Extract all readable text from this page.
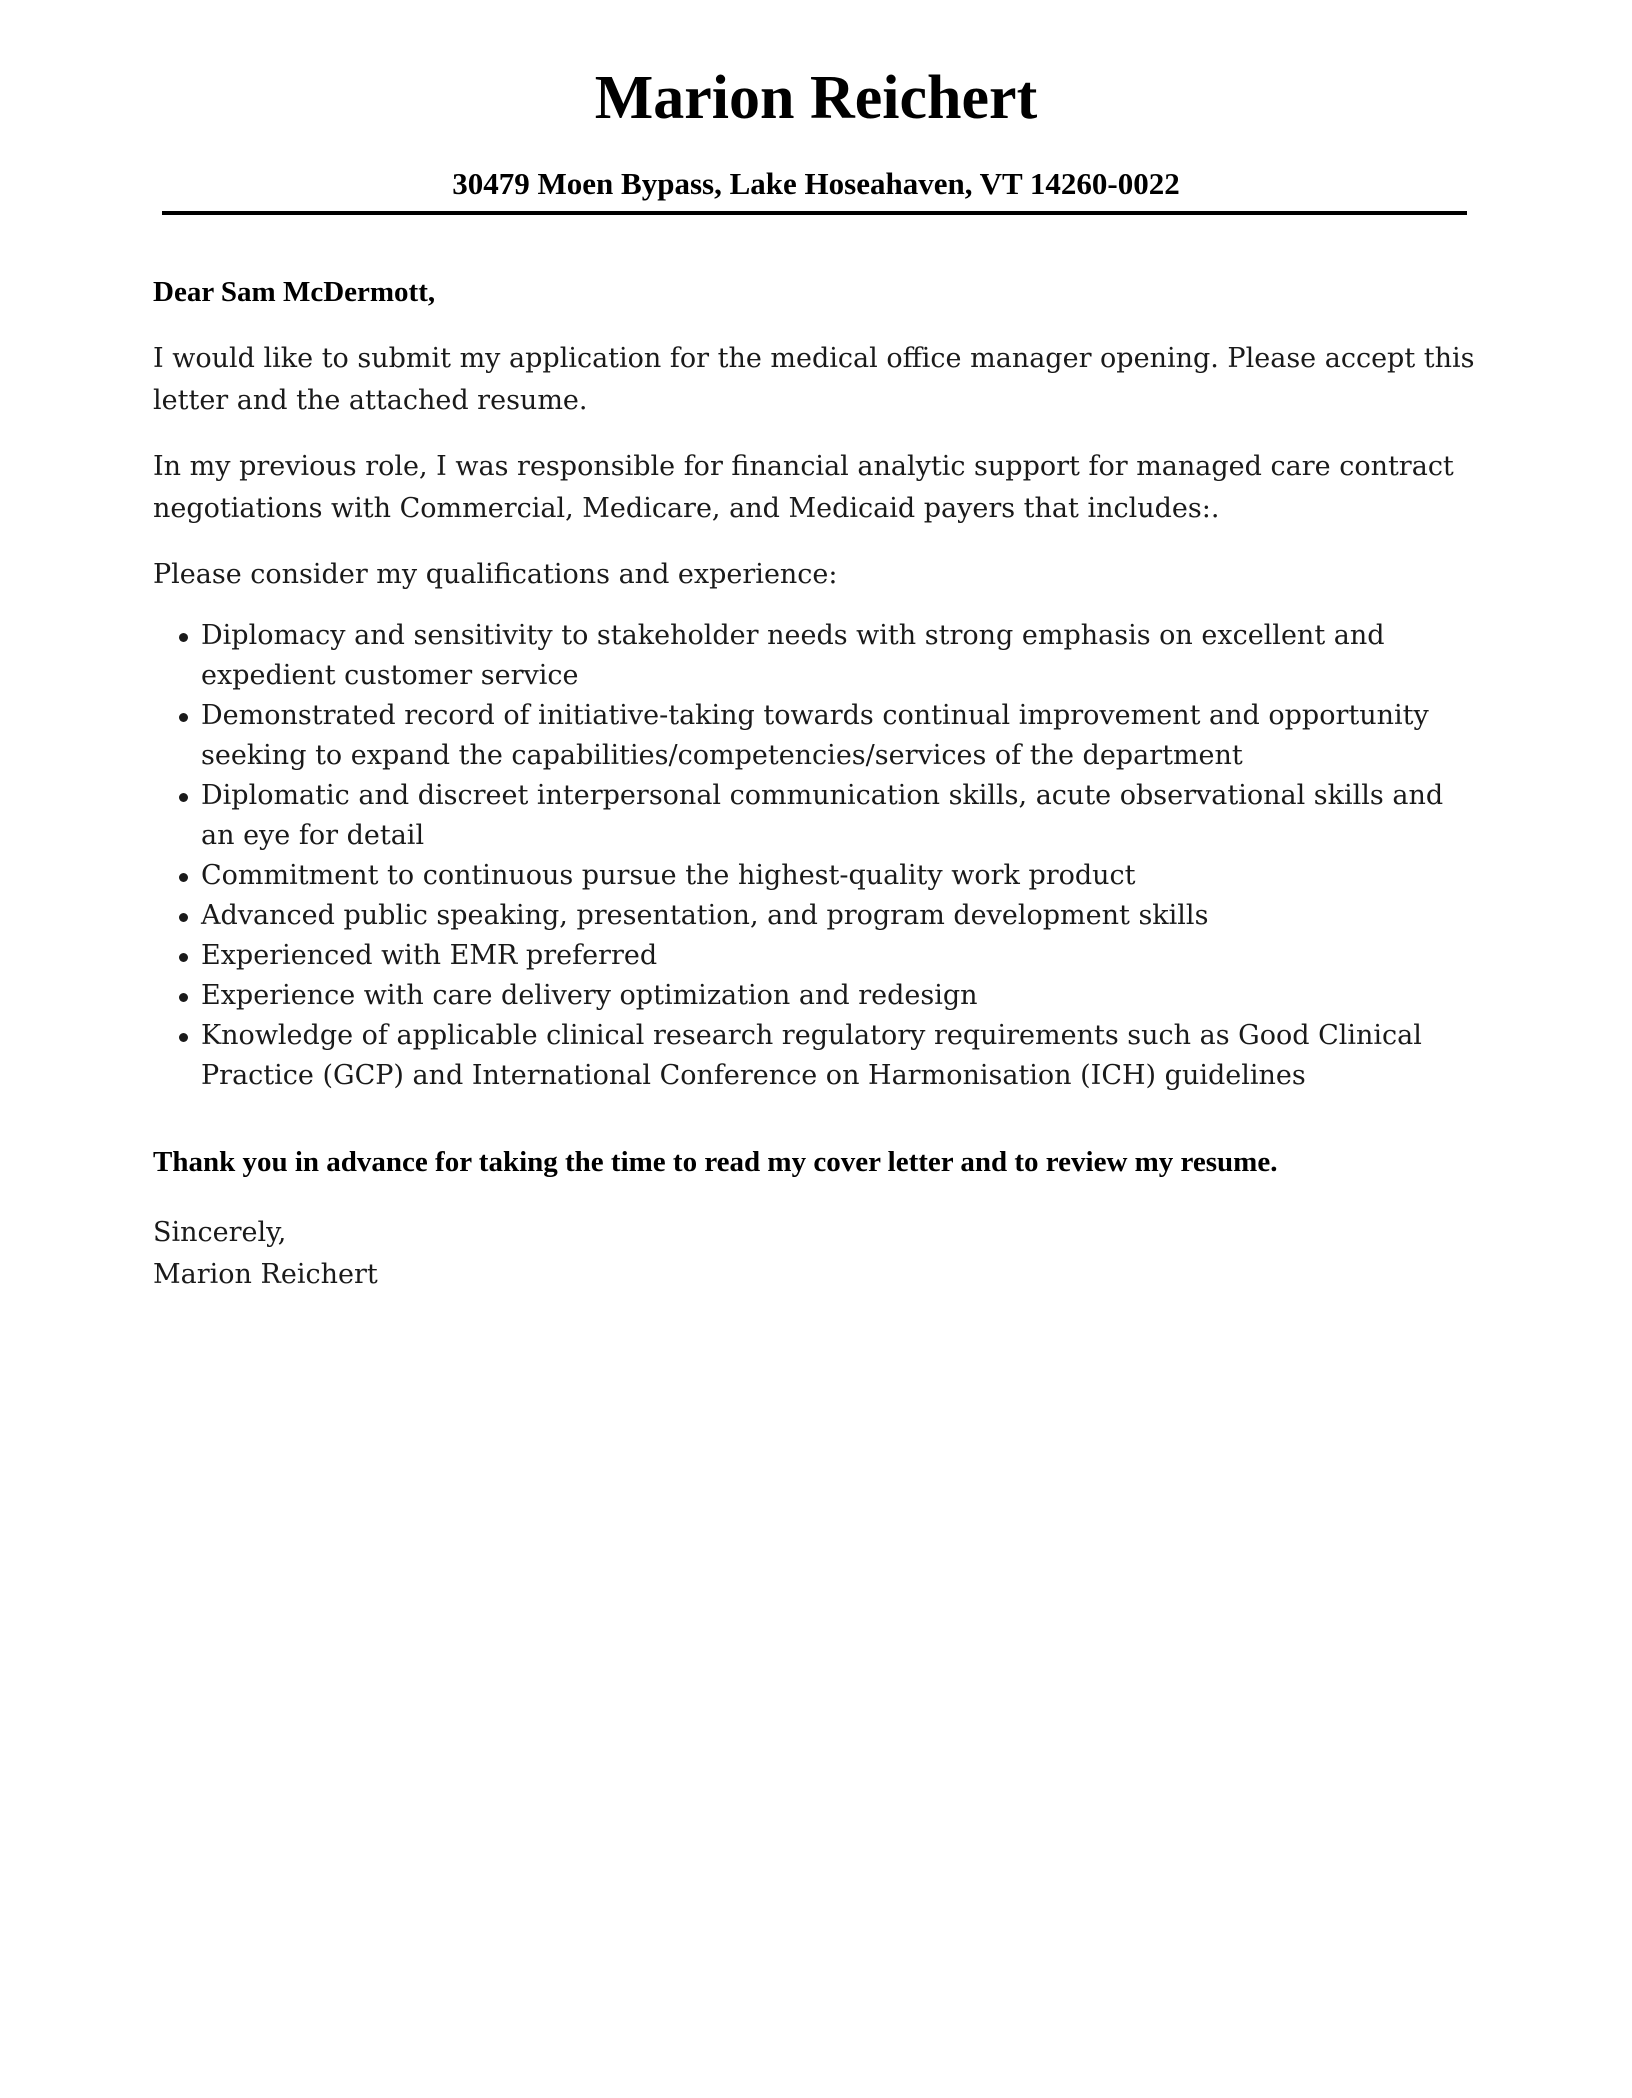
Marion Reichert
30479 Moen Bypass, Lake Hoseahaven, VT 14260-0022
Dear Sam McDermott,
I would like to submit my application for the medical office manager opening. Please accept this letter and the attached resume.
In my previous role, I was responsible for financial analytic support for managed care contract negotiations with Commercial, Medicare, and Medicaid payers that includes:.
Please consider my qualifications and experience:
Diplomacy and sensitivity to stakeholder needs with strong emphasis on excellent and expedient customer service
Demonstrated record of initiative-taking towards continual improvement and opportunity seeking to expand the capabilities/competencies/services of the department
Diplomatic and discreet interpersonal communication skills, acute observational skills and an eye for detail
Commitment to continuous pursue the highest-quality work product
Advanced public speaking, presentation, and program development skills
Experienced with EMR preferred
Experience with care delivery optimization and redesign
Knowledge of applicable clinical research regulatory requirements such as Good Clinical Practice (GCP) and International Conference on Harmonisation (ICH) guidelines
Thank you in advance for taking the time to read my cover letter and to review my resume.
Sincerely,
Marion Reichert
